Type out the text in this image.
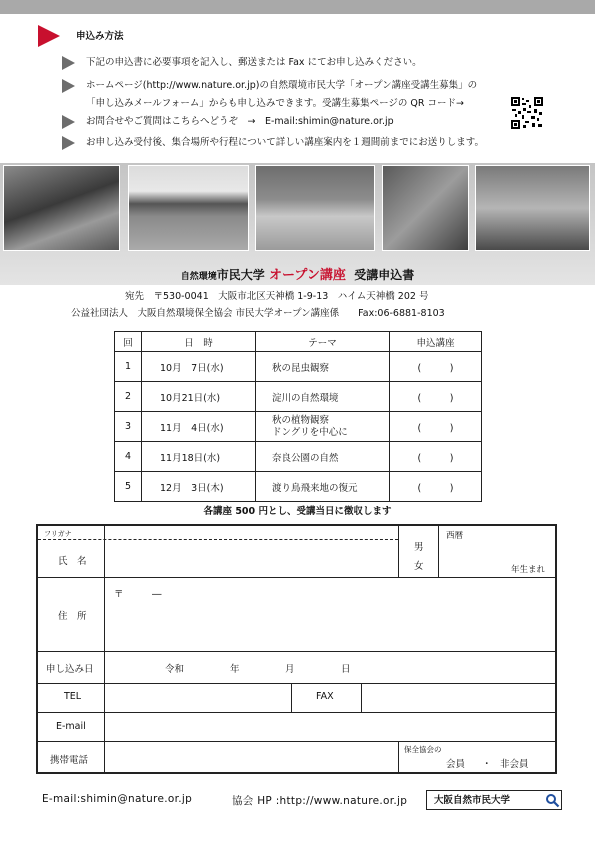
申込み方法
下記の申込書に必要事項を記入し、郵送または Fax にてお申し込みください。
ホームページ(http://www.nature.or.jp)の自然環境市民大学「オープン講座受講生募集」の
「申し込みメールフォーム」からも申し込みできます。受講生募集ページの QR コード→
お問合せやご質問はこちらへどうぞ　→　E-mail:shimin@nature.or.jp
お申し込み受付後、集合場所や行程について詳しい講座案内を１週間前までにお送りします。
自然環境市民大学 オープン講座 受講申込書
宛先　〒530-0041　大阪市北区天神橋 1-9-13　ハイム天神橋 202 号
公益社団法人　大阪自然環境保全協会 市民大学オープン講座係　　Fax:06-6881-8103
回	日　時	テーマ	申込講座
1	10月　7日(水)	秋の昆虫観察	(　　　)
2	10月21日(水)	淀川の自然環境	(　　　)
3	11月　4日(水)	秋の植物観察
ドングリを中心に	(　　　)
4	11月18日(水)	奈良公園の自然	(　　　)
5	12月　3日(木)	渡り鳥飛来地の復元	(　　　)
各講座 500 円とし、受講当日に徴収します
フリガナ
氏　名
男
女
西暦
年生まれ
住　所
〒　　　―
申し込み日	令和	年	月	日
TEL	FAX
E-mail
携帯電話
保全協会の
会員 ・ 非会員
E-mail:shimin@nature.or.jp	協会 HP :http://www.nature.or.jp	大阪自然市民大学
